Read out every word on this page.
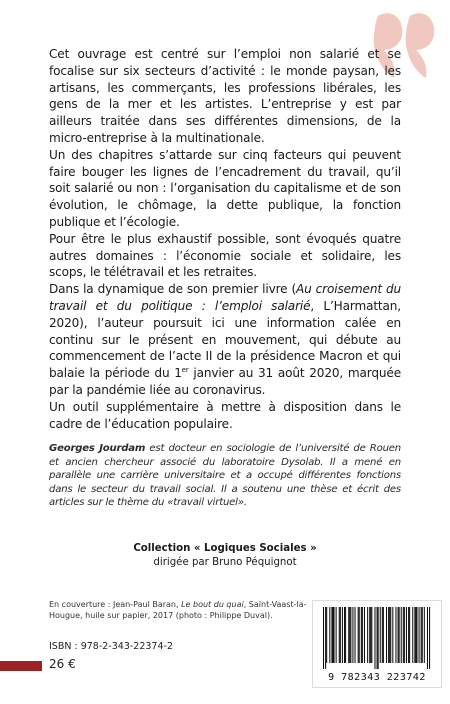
Cet ouvrage est centré sur l’emploi non salarié et se focalise sur six secteurs d’activité : le monde paysan, les artisans, les commerçants, les professions libérales, les gens de la mer et les artistes. L’entreprise y est par ailleurs traitée dans ses différentes dimensions, de la micro-entreprise à la multinationale.

Un des chapitres s’attarde sur cinq facteurs qui peuvent faire bouger les lignes de l’encadrement du travail, qu’il soit salarié ou non : l’organisation du capitalisme et de son évolution, le chômage, la dette publique, la fonction publique et l’écologie.

Pour être le plus exhaustif possible, sont évoqués quatre autres domaines : l’économie sociale et solidaire, les scops, le télétravail et les retraites.

Dans la dynamique de son premier livre (Au croisement du travail et du politique : l’emploi salarié, L’Harmattan, 2020), l’auteur poursuit ici une information calée en continu sur le présent en mouvement, qui débute au commencement de l’acte II de la présidence Macron et qui balaie la période du 1er janvier au 31 août 2020, marquée par la pandémie liée au coronavirus.

Un outil supplémentaire à mettre à disposition dans le cadre de l’éducation populaire.

Georges Jourdam est docteur en sociologie de l’université de Rouen et ancien chercheur associé du laboratoire Dysolab. Il a mené en parallèle une carrière universitaire et a occupé différentes fonctions dans le secteur du travail social. Il a soutenu une thèse et écrit des articles sur le thème du «travail virtuel».
Collection « Logiques Sociales »
dirigée par Bruno Péquignot
En couverture : Jean-Paul Baran, Le bout du quai, Saint-Vaast-la-Hougue, huile sur papier, 2017 (photo : Philippe Duval).
ISBN : 978-2-343-22374-2
26 €
9 782343 223742
